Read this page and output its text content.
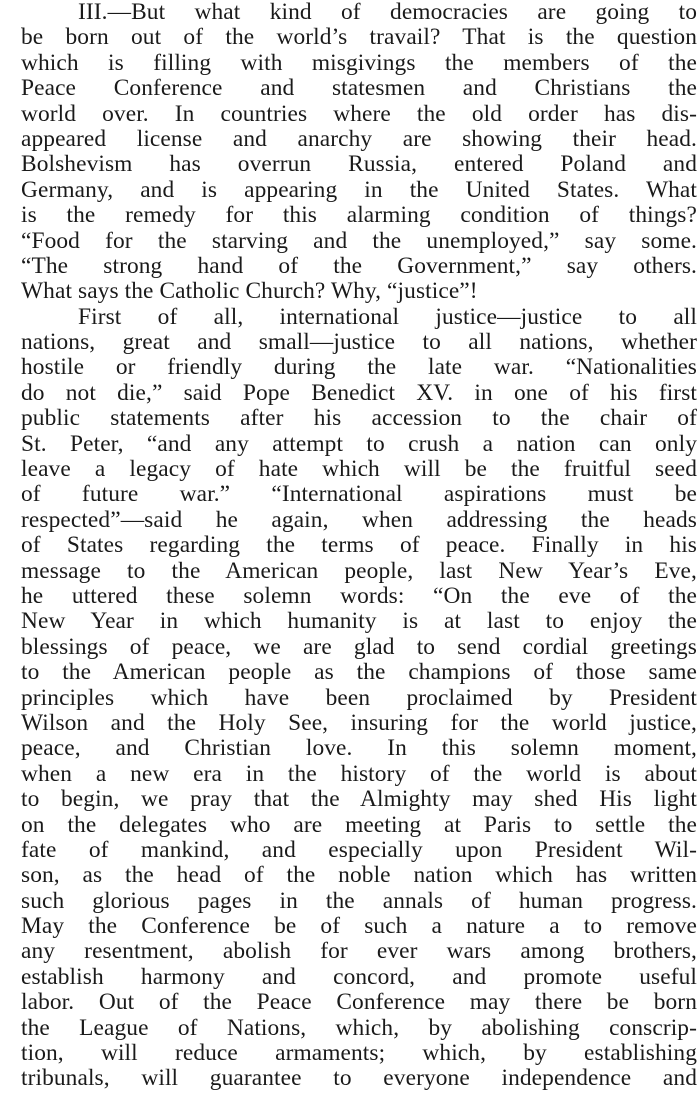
III.—But what kind of democracies are going to
be born out of the world’s travail? That is the question
which is filling with misgivings the members of the
Peace Conference and statesmen and Christians the
world over. In countries where the old order has dis-
appeared license and anarchy are showing their head.
Bolshevism has overrun Russia, entered Poland and
Germany, and is appearing in the United States. What
is the remedy for this alarming condition of things?
“Food for the starving and the unemployed,” say some.
“The strong hand of the Government,” say others.
What says the Catholic Church? Why, “justice”!
First of all, international justice—justice to all
nations, great and small—justice to all nations, whether
hostile or friendly during the late war. “Nationalities
do not die,” said Pope Benedict XV. in one of his first
public statements after his accession to the chair of
St. Peter, “and any attempt to crush a nation can only
leave a legacy of hate which will be the fruitful seed
of future war.” “International aspirations must be
respected”—said he again, when addressing the heads
of States regarding the terms of peace. Finally in his
message to the American people, last New Year’s Eve,
he uttered these solemn words: “On the eve of the
New Year in which humanity is at last to enjoy the
blessings of peace, we are glad to send cordial greetings
to the American people as the champions of those same
principles which have been proclaimed by President
Wilson and the Holy See, insuring for the world justice,
peace, and Christian love. In this solemn moment,
when a new era in the history of the world is about
to begin, we pray that the Almighty may shed His light
on the delegates who are meeting at Paris to settle the
fate of mankind, and especially upon President Wil-
son, as the head of the noble nation which has written
such glorious pages in the annals of human progress.
May the Conference be of such a nature a to remove
any resentment, abolish for ever wars among brothers,
establish harmony and concord, and promote useful
labor. Out of the Peace Conference may there be born
the League of Nations, which, by abolishing conscrip-
tion, will reduce armaments; which, by establishing
tribunals, will guarantee to everyone independence and
